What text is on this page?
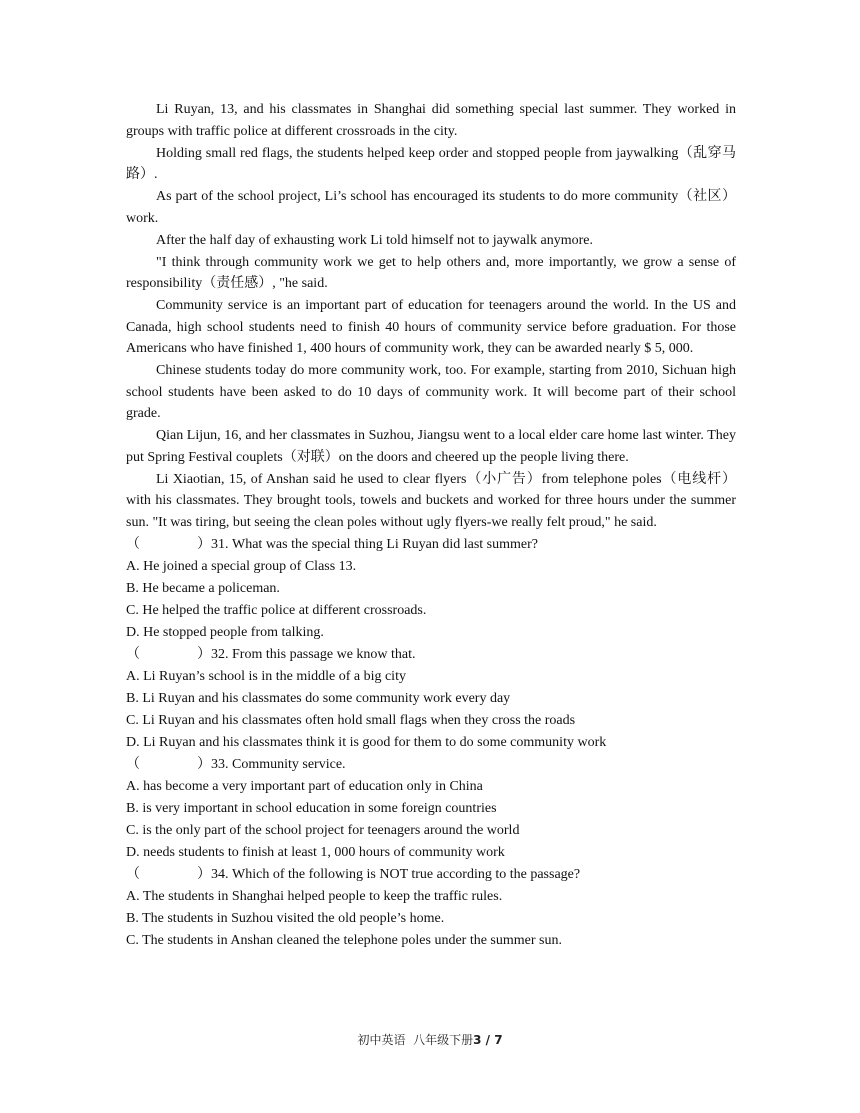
Li Ruyan, 13, and his classmates in Shanghai did something special last summer. They worked in groups with traffic police at different crossroads in the city.

Holding small red flags, the students helped keep order and stopped people from jaywalking（乱穿马路）.

As part of the school project, Li’s school has encouraged its students to do more community（社区）work.

After the half day of exhausting work Li told himself not to jaywalk anymore.

"I think through community work we get to help others and, more importantly, we grow a sense of responsibility（责任感）, "he said.

Community service is an important part of education for teenagers around the world. In the US and Canada, high school students need to finish 40 hours of community service before graduation. For those Americans who have finished 1, 400 hours of community work, they can be awarded nearly $ 5, 000.

Chinese students today do more community work, too. For example, starting from 2010, Sichuan high school students have been asked to do 10 days of community work. It will become part of their school grade.

Qian Lijun, 16, and her classmates in Suzhou, Jiangsu went to a local elder care home last winter. They put Spring Festival couplets（对联）on the doors and cheered up the people living there.

Li Xiaotian, 15, of Anshan said he used to clear flyers（小广告）from telephone poles（电线杆）with his classmates. They brought tools, towels and buckets and worked for three hours under the summer sun. "It was tiring, but seeing the clean poles without ugly flyers-we really felt proud," he said.

（	）31. What was the special thing Li Ruyan did last summer?
A. He joined a special group of Class 13.
B. He became a policeman.
C. He helped the traffic police at different crossroads.
D. He stopped people from talking.
（	）32. From this passage we know that.
A. Li Ruyan’s school is in the middle of a big city
B. Li Ruyan and his classmates do some community work every day
C. Li Ruyan and his classmates often hold small flags when they cross the roads
D. Li Ruyan and his classmates think it is good for them to do some community work
（	）33. Community service.
A. has become a very important part of education only in China
B. is very important in school education in some foreign countries
C. is the only part of the school project for teenagers around the world
D. needs students to finish at least 1, 000 hours of community work
（	）34. Which of the following is NOT true according to the passage?
A. The students in Shanghai helped people to keep the traffic rules.
B. The students in Suzhou visited the old people’s home.
C. The students in Anshan cleaned the telephone poles under the summer sun.
初中英语 八年级下册3 / 7
